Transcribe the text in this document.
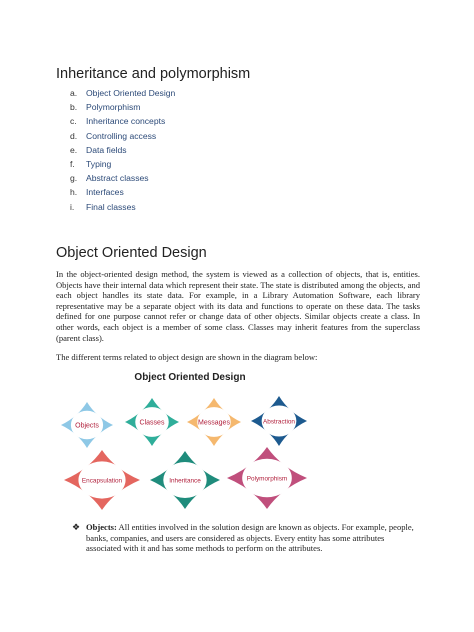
Inheritance and polymorphism
a. Object Oriented Design
b. Polymorphism
c. Inheritance concepts
d. Controlling access
e. Data fields
f. Typing
g. Abstract classes
h. Interfaces
i. Final classes
Object Oriented Design

In the object-oriented design method, the system is viewed as a collection of objects, that is, entities. Objects have their internal data which represent their state. The state is distributed among the objects, and each object handles its state data. For example, in a Library Automation Software, each library representative may be a separate object with its data and functions to operate on these data. The tasks defined for one purpose cannot refer or change data of other objects. Similar objects create a class. In other words, each object is a member of some class. Classes may inherit features from the superclass (parent class).

The different terms related to object design are shown in the diagram below:

Object Oriented Design
Objects	Classes	Messages	Abstraction
Encapsulation	Inheritance	Polymorphism
❖ Objects: All entities involved in the solution design are known as objects. For example, people, banks, companies, and users are considered as objects. Every entity has some attributes associated with it and has some methods to perform on the attributes.
